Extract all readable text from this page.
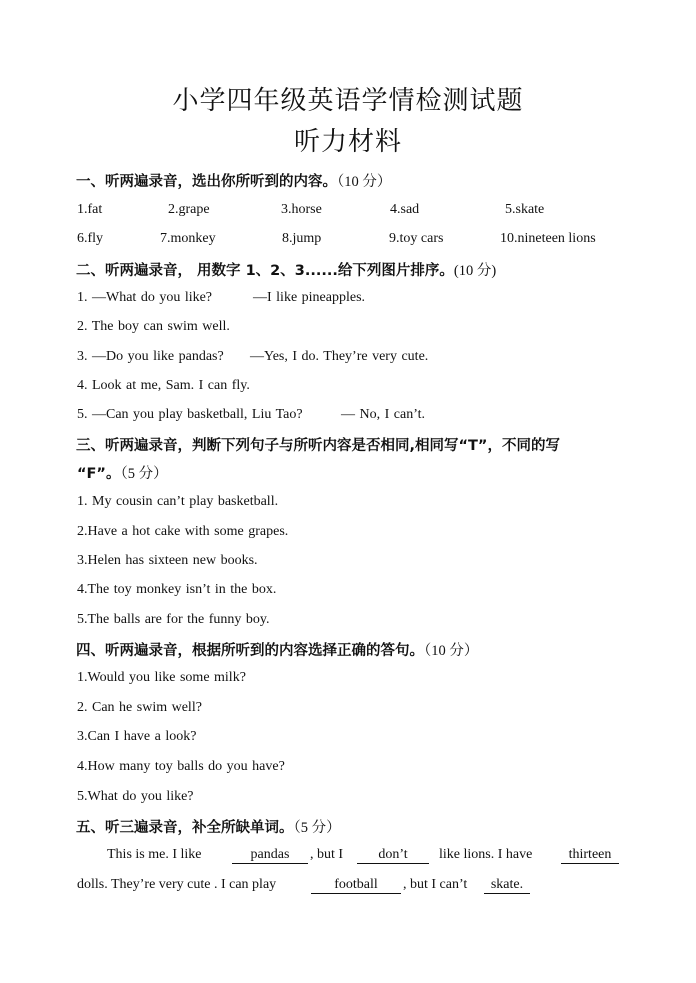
小学四年级英语学情检测试题
听力材料
一、听两遍录音，选出你所听到的内容。（10 分）
1.fat	2.grape	3.horse	4.sad	5.skate
6.fly	7.monkey	8.jump	9.toy cars	10.nineteen lions
二、听两遍录音， 用数字 1、2、3......给下列图片排序。(10 分)
1. —What do you like?	—I like pineapples.
2. The boy can swim well.
3. —Do you like pandas? —Yes, I do. They’re very cute.
4. Look at me, Sam. I can fly.
5. —Can you play basketball, Liu Tao?	— No, I can’t.
三、听两遍录音，判断下列句子与所听内容是否相同,相同写“T”，不同的写
“F”。（5 分）
1. My cousin can’t play basketball.
2.Have a hot cake with some grapes.
3.Helen has sixteen new books.
4.The toy monkey isn’t in the box.
5.The balls are for the funny boy.
四、听两遍录音，根据所听到的内容选择正确的答句。（10 分）
1.Would you like some milk?
2. Can he swim well?
3.Can I have a look?
4.How many toy balls do you have?
5.What do you like?
五、听三遍录音，补全所缺单词。（5 分）
This is me. I like	pandas	, but I	don’t	like lions. I have	thirteen
dolls. They’re very cute . I can play	football	, but I can’t	skate.
